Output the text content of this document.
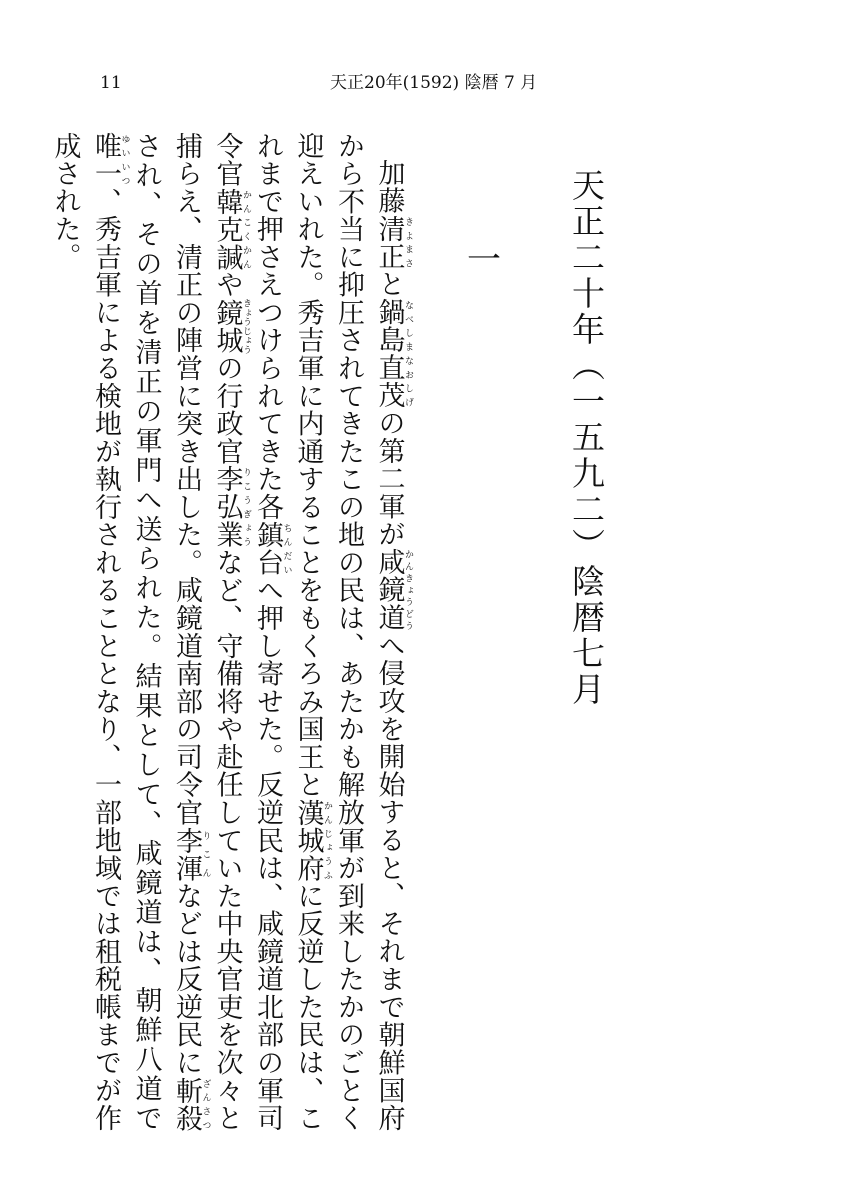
11	天正20年(1592) 陰暦 7 月
天正二十年（一五九二）陰暦七月
一

加藤清正きよまさと鍋島直茂なべしまなおしげの第二軍が咸鏡道かんきょうどうへ侵攻を開始すると、それまで朝鮮国府から不当に抑圧されてきたこの地の民は、あたかも解放軍が到来したかのごとく迎えいれた。秀吉軍に内通することをもくろみ国王と漢城府かんじょうふに反逆した民は、これまで押さえつけられてきた各鎮台ちんだいへ押し寄せた。反逆民は、咸鏡道北部の軍司令官韓克諴かんこくかんや鏡城きょうじょうの行政官李弘業りこうぎょうなど、守備将や赴任していた中央官吏を次々と捕らえ、清正の陣営に突き出した。咸鏡道南部の司令官李渾りこんなどは反逆民に斬殺ざんさつされ、その首を清正の軍門へ送られた。結果として、咸鏡道は、朝鮮八道で唯一ゆいいつ、秀吉軍による検地が執行されることとなり、一部地域では租税帳までが作成された。
